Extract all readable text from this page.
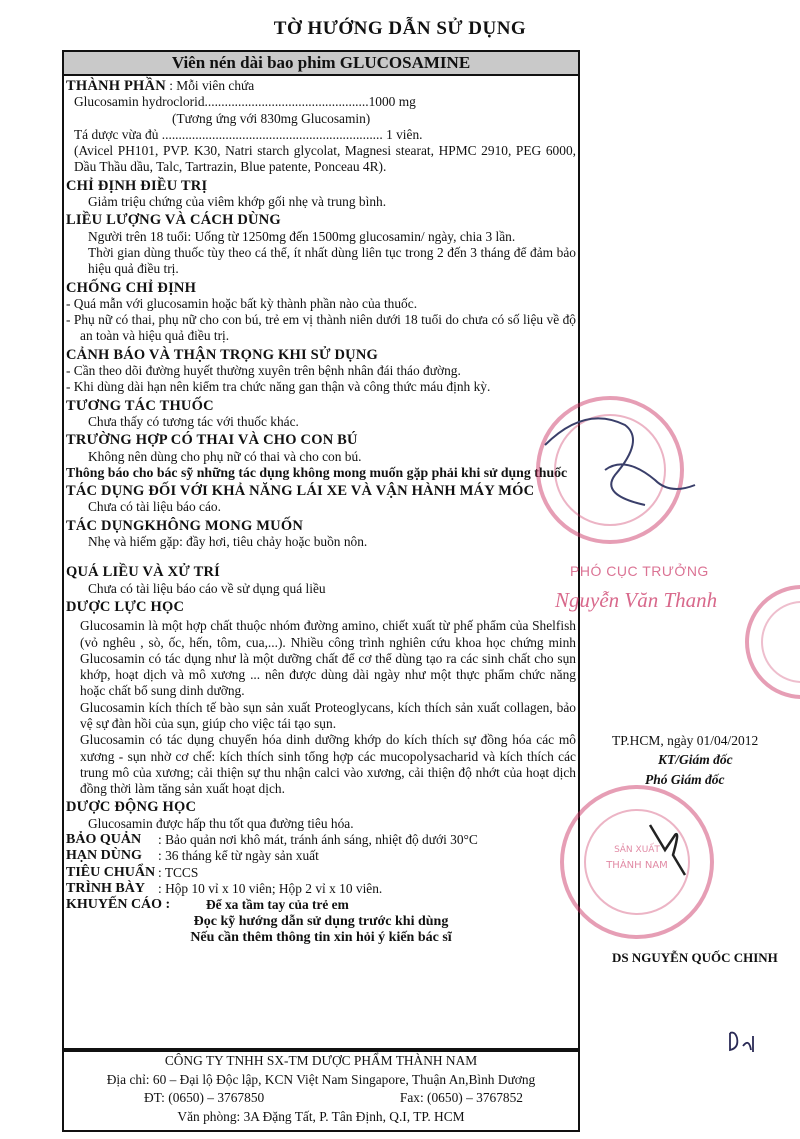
TỜ HƯỚNG DẪN SỬ DỤNG
Viên nén dài bao phim GLUCOSAMINE
THÀNH PHẦN : Mỗi viên chứa
Glucosamin hydroclorid.................................................1000 mg
(Tương ứng với 830mg Glucosamin)
Tá dược vừa đủ .................................................................. 1 viên.
(Avicel PH101, PVP. K30, Natri starch glycolat, Magnesi stearat, HPMC 2910, PEG 6000, Dầu Thầu dầu, Talc, Tartrazin, Blue patente, Ponceau 4R).
CHỈ ĐỊNH ĐIỀU TRỊ
Giảm triệu chứng của viêm khớp gối nhẹ và trung bình.
LIỀU LƯỢNG VÀ CÁCH DÙNG
Người trên 18 tuổi: Uống từ 1250mg đến 1500mg glucosamin/ ngày, chia 3 lần.
Thời gian dùng thuốc tùy theo cá thể, ít nhất dùng liên tục trong 2 đến 3 tháng để đảm bảo hiệu quả điều trị.
CHỐNG CHỈ ĐỊNH
- Quá mẫn với glucosamin hoặc bất kỳ thành phần nào của thuốc.
- Phụ nữ có thai, phụ nữ cho con bú, trẻ em vị thành niên dưới 18 tuổi do chưa có số liệu về độ an toàn và hiệu quả điều trị.
CẢNH BÁO VÀ THẬN TRỌNG KHI SỬ DỤNG
- Cần theo dõi đường huyết thường xuyên trên bệnh nhân đái tháo đường.
- Khi dùng dài hạn nên kiểm tra chức năng gan thận và công thức máu định kỳ.
TƯƠNG TÁC THUỐC
Chưa thấy có tương tác với thuốc khác.
TRƯỜNG HỢP CÓ THAI VÀ CHO CON BÚ
Không nên dùng cho phụ nữ có thai và cho con bú.
Thông báo cho bác sỹ những tác dụng không mong muốn gặp phải khi sử dụng thuốc
TÁC DỤNG ĐỐI VỚI KHẢ NĂNG LÁI XE VÀ VẬN HÀNH MÁY MÓC
Chưa có tài liệu báo cáo.
TÁC DỤNGKHÔNG MONG MUỐN
Nhẹ và hiếm gặp: đầy hơi, tiêu chảy hoặc buồn nôn.
QUÁ LIỀU VÀ XỬ TRÍ
Chưa có tài liệu báo cáo về sử dụng quá liều
DƯỢC LỰC HỌC
Glucosamin là một hợp chất thuộc nhóm đường amino, chiết xuất từ phế phẩm của Shelfish (vỏ nghêu , sò, ốc, hến, tôm, cua,...). Nhiều công trình nghiên cứu khoa học chứng minh Glucosamin có tác dụng như là một dưỡng chất để cơ thể dùng tạo ra các sinh chất cho sụn khớp, hoạt dịch và mô xương ... nên được dùng dài ngày như một thực phẩm chức năng hoặc chất bổ sung dinh dưỡng.
Glucosamin kích thích tế bào sụn sản xuất Proteoglycans, kích thích sản xuất collagen, bảo vệ sự đàn hồi của sụn, giúp cho việc tái tạo sụn.
Glucosamin có tác dụng chuyển hóa dinh dưỡng khớp do kích thích sự đồng hóa các mô xương - sụn nhờ cơ chế: kích thích sinh tổng hợp các mucopolysacharid và kích thích các trung mô của xương; cải thiện sự thu nhận calci vào xương, cải thiện độ nhớt của hoạt dịch đồng thời làm tăng sản xuất hoạt dịch.
DƯỢC ĐỘNG HỌC
Glucosamin được hấp thu tốt qua đường tiêu hóa.
BẢO QUẢN	: Bảo quản nơi khô mát, tránh ánh sáng, nhiệt độ dưới 30°C
HẠN DÙNG	: 36 tháng kể từ ngày sản xuất
TIÊU CHUẨN : TCCS
TRÌNH BÀY : Hộp 10 vỉ x 10 viên; Hộp 2 vỉ x 10 viên.
KHUYẾN CÁO :	Để xa tầm tay của trẻ em
Đọc kỹ hướng dẫn sử dụng trước khi dùng
Nếu cần thêm thông tin xin hỏi ý kiến bác sĩ
CÔNG TY TNHH SX-TM DƯỢC PHẨM THÀNH NAM
Địa chỉ: 60 – Đại lộ Độc lập, KCN Việt Nam Singapore, Thuận An,Bình Dương
ĐT: (0650) – 3767850	Fax: (0650) – 3767852
Văn phòng: 3A Đặng Tất, P. Tân Định, Q.I, TP. HCM
PHÓ CỤC TRƯỞNG
Nguyễn Văn Thanh
TP.HCM, ngày 01/04/2012
KT/Giám đốc
Phó Giám đốc
SẢN XUẤT
THÀNH NAM
DS NGUYỄN QUỐC CHINH
